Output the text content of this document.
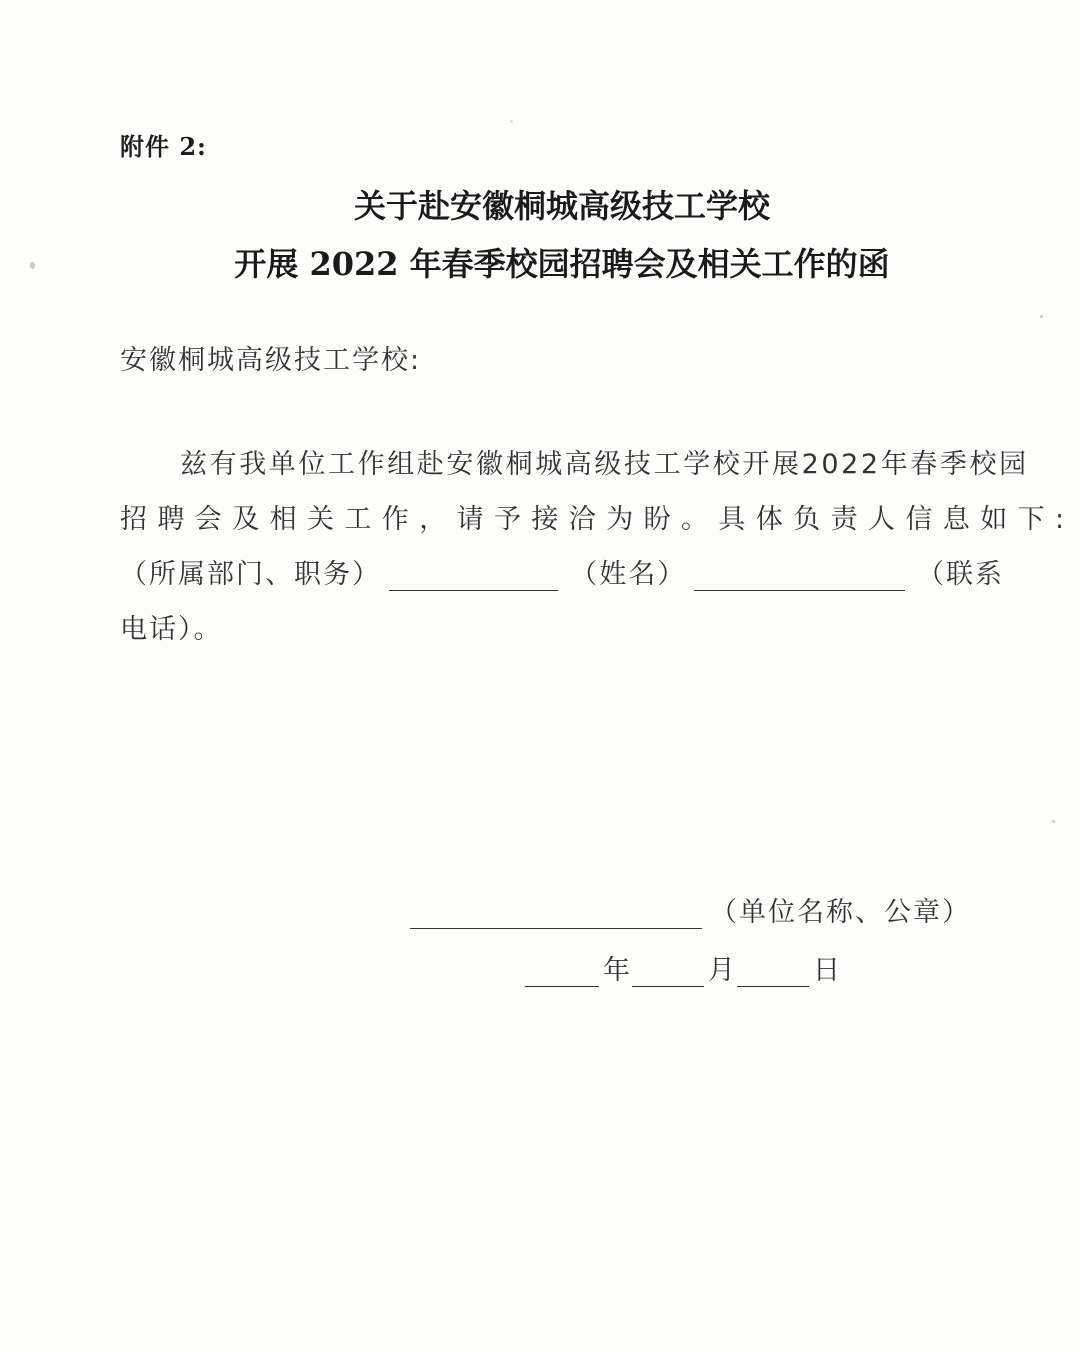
附件 2:
关于赴安徽桐城高级技工学校
开展 2022 年春季校园招聘会及相关工作的函
安徽桐城高级技工学校:
兹有我单位工作组赴安徽桐城高级技工学校开展2022年春季校园
招聘会及相关工作，请予接洽为盼。具体负责人信息如下:
（所属部门、职务）	（姓名）	（联系
电话）。
（单位名称、公章）
年	月	日
